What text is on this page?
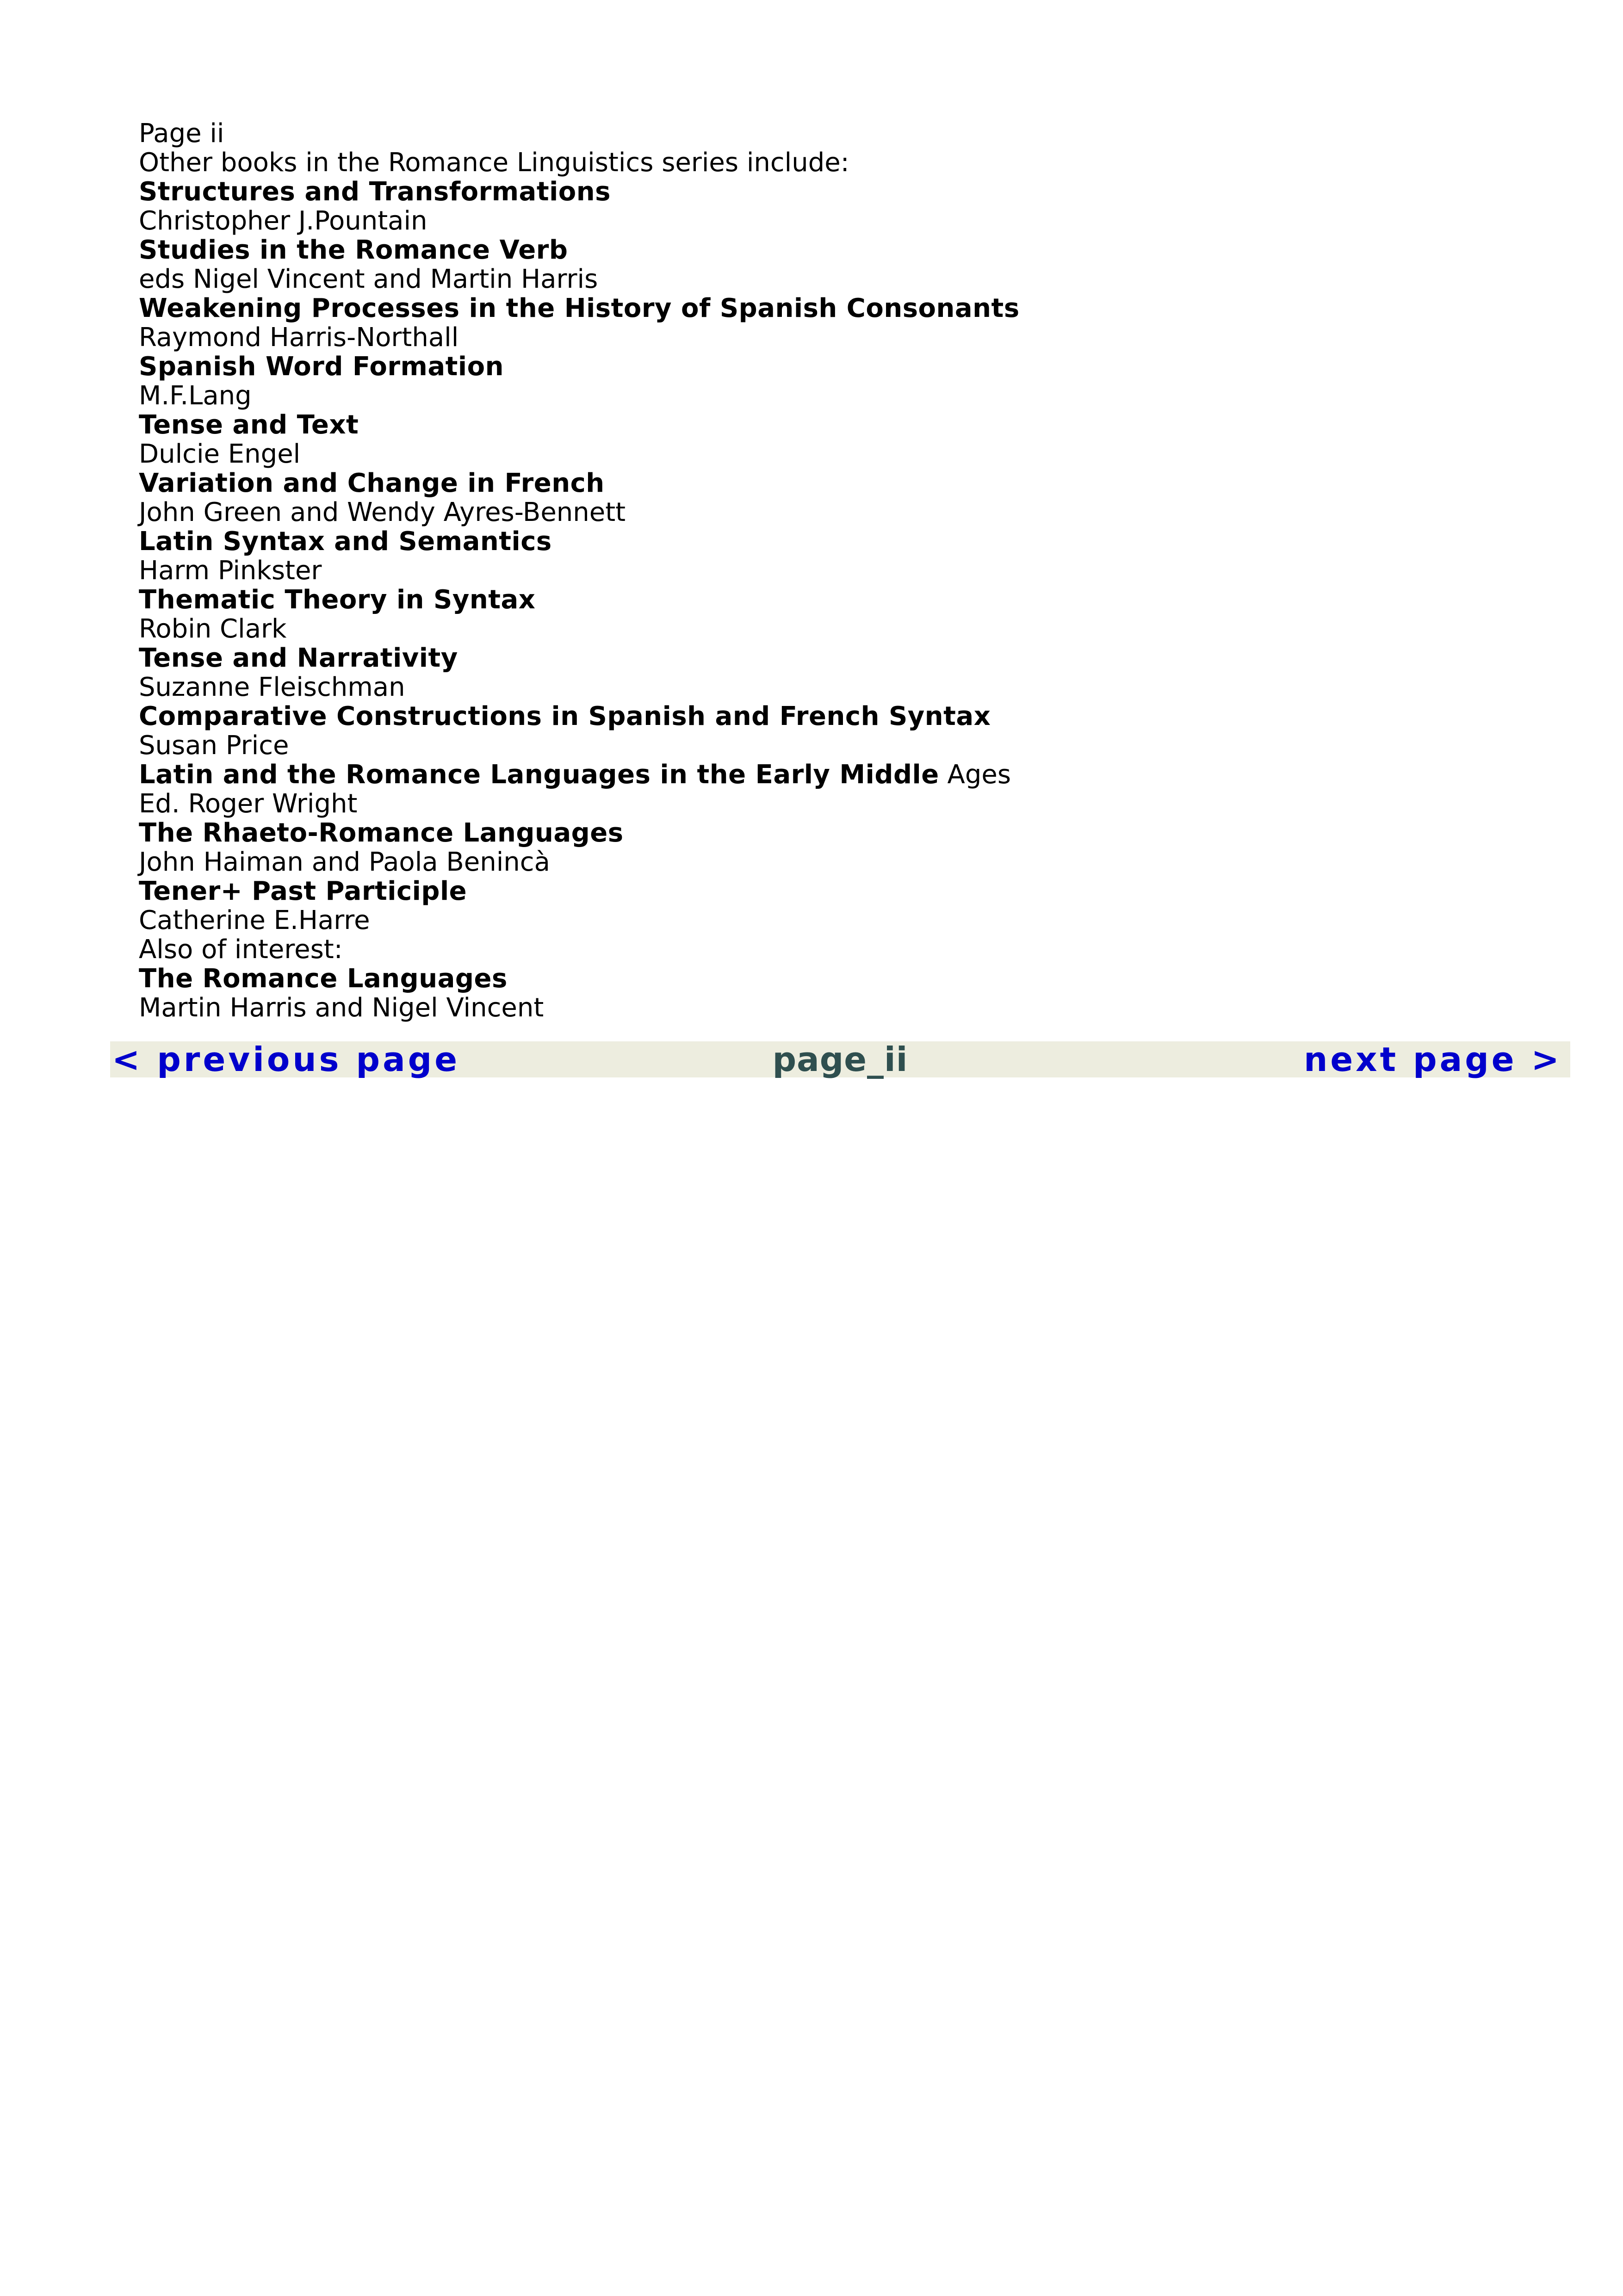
Page ii
Other books in the Romance Linguistics series include:
Structures and Transformations
Christopher J.Pountain
Studies in the Romance Verb
eds Nigel Vincent and Martin Harris
Weakening Processes in the History of Spanish Consonants
Raymond Harris-Northall
Spanish Word Formation
M.F.Lang
Tense and Text
Dulcie Engel
Variation and Change in French
John Green and Wendy Ayres-Bennett
Latin Syntax and Semantics
Harm Pinkster
Thematic Theory in Syntax
Robin Clark
Tense and Narrativity
Suzanne Fleischman
Comparative Constructions in Spanish and French Syntax
Susan Price
Latin and the Romance Languages in the Early Middle Ages
Ed. Roger Wright
The Rhaeto-Romance Languages
John Haiman and Paola Benincà
Tener+ Past Participle
Catherine E.Harre
Also of interest:
The Romance Languages
Martin Harris and Nigel Vincent
< previous page	page_ii	next page >
